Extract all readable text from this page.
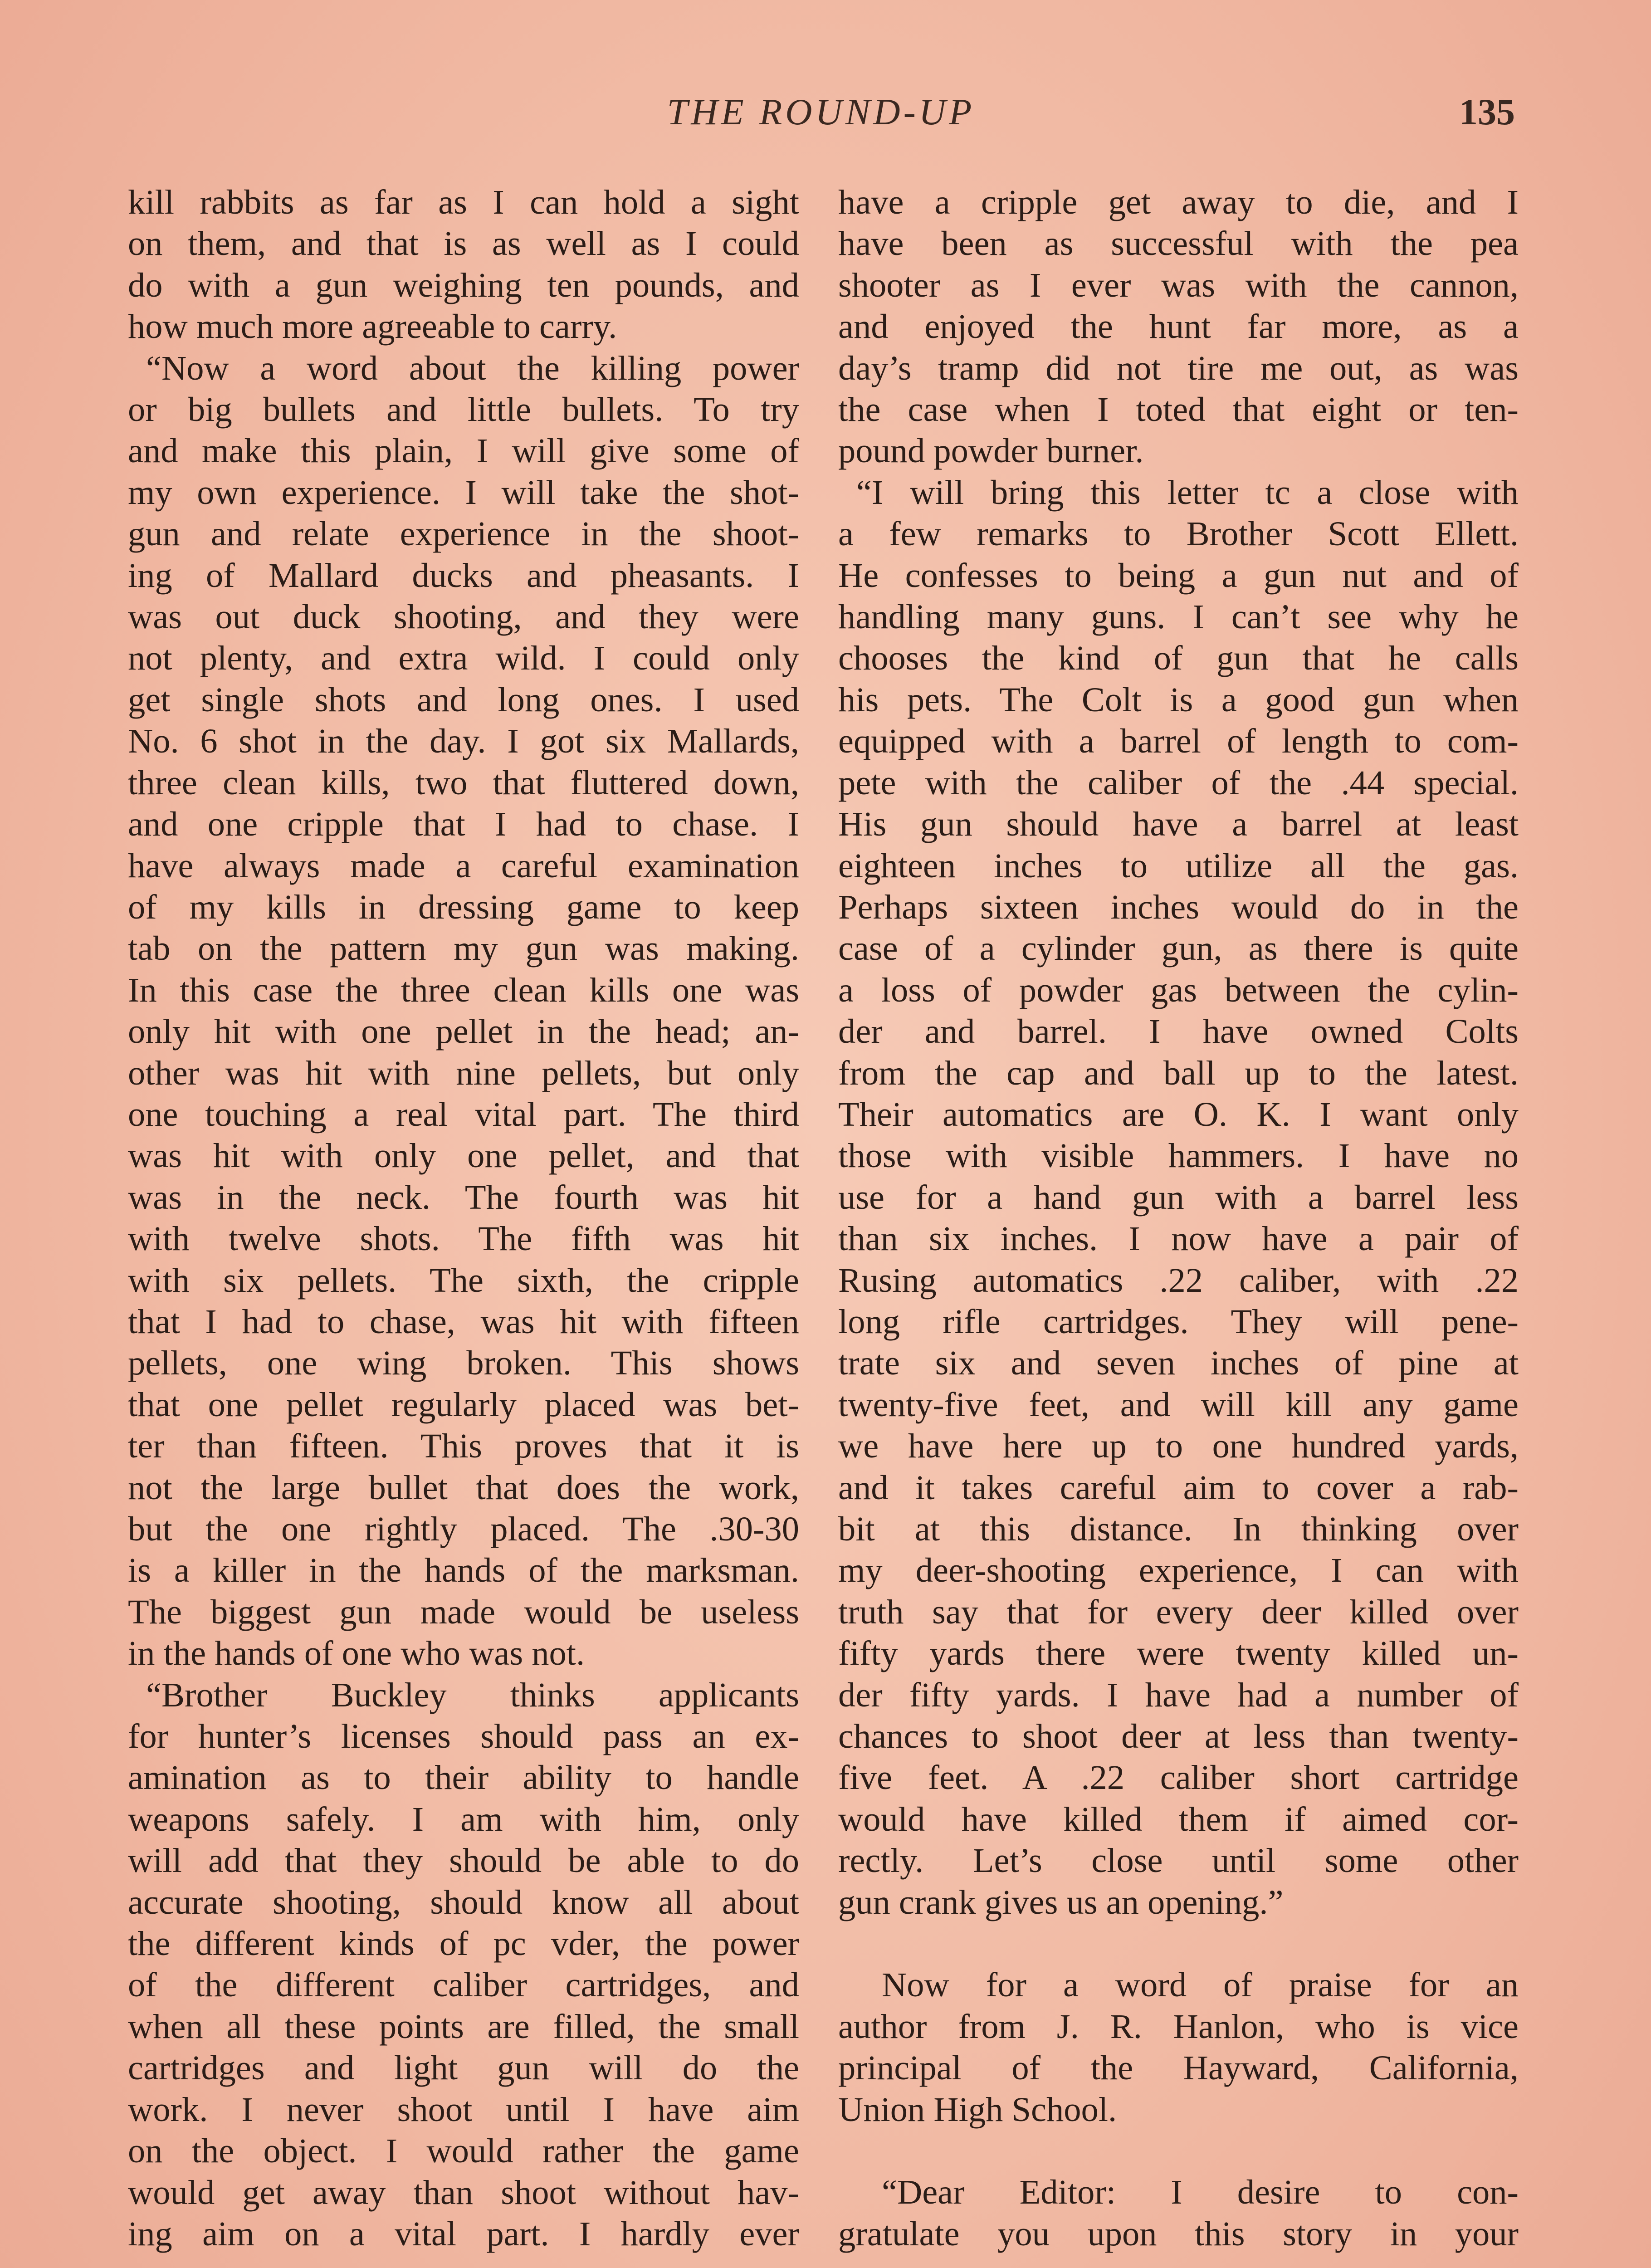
THE ROUND-UP	135
kill rabbits as far as I can hold a sight
on them, and that is as well as I could
do with a gun weighing ten pounds, and
how much more agreeable to carry.
“Now a word about the killing power
or big bullets and little bullets. To try
and make this plain, I will give some of
my own experience. I will take the shot-
gun and relate experience in the shoot-
ing of Mallard ducks and pheasants. I
was out duck shooting, and they were
not plenty, and extra wild. I could only
get single shots and long ones. I used
No. 6 shot in the day. I got six Mallards,
three clean kills, two that fluttered down,
and one cripple that I had to chase. I
have always made a careful examination
of my kills in dressing game to keep
tab on the pattern my gun was making.
In this case the three clean kills one was
only hit with one pellet in the head; an-
other was hit with nine pellets, but only
one touching a real vital part. The third
was hit with only one pellet, and that
was in the neck. The fourth was hit
with twelve shots. The fifth was hit
with six pellets. The sixth, the cripple
that I had to chase, was hit with fifteen
pellets, one wing broken. This shows
that one pellet regularly placed was bet-
ter than fifteen. This proves that it is
not the large bullet that does the work,
but the one rightly placed. The .30-30
is a killer in the hands of the marksman.
The biggest gun made would be useless
in the hands of one who was not.
“Brother Buckley thinks applicants
for hunter’s licenses should pass an ex-
amination as to their ability to handle
weapons safely. I am with him, only
will add that they should be able to do
accurate shooting, should know all about
the different kinds of pc vder, the power
of the different caliber cartridges, and
when all these points are filled, the small
cartridges and light gun will do the
work. I never shoot until I have aim
on the object. I would rather the game
would get away than shoot without hav-
ing aim on a vital part. I hardly ever
have a cripple get away to die, and I
have been as successful with the pea
shooter as I ever was with the cannon,
and enjoyed the hunt far more, as a
day’s tramp did not tire me out, as was
the case when I toted that eight or ten-
pound powder burner.
“I will bring this letter tc a close with
a few remarks to Brother Scott Ellett.
He confesses to being a gun nut and of
handling many guns. I can’t see why he
chooses the kind of gun that he calls
his pets. The Colt is a good gun when
equipped with a barrel of length to com-
pete with the caliber of the .44 special.
His gun should have a barrel at least
eighteen inches to utilize all the gas.
Perhaps sixteen inches would do in the
case of a cylinder gun, as there is quite
a loss of powder gas between the cylin-
der and barrel. I have owned Colts
from the cap and ball up to the latest.
Their automatics are O. K. I want only
those with visible hammers. I have no
use for a hand gun with a barrel less
than six inches. I now have a pair of
Rusing automatics .22 caliber, with .22
long rifle cartridges. They will pene-
trate six and seven inches of pine at
twenty-five feet, and will kill any game
we have here up to one hundred yards,
and it takes careful aim to cover a rab-
bit at this distance. In thinking over
my deer-shooting experience, I can with
truth say that for every deer killed over
fifty yards there were twenty killed un-
der fifty yards. I have had a number of
chances to shoot deer at less than twenty-
five feet. A .22 caliber short cartridge
would have killed them if aimed cor-
rectly. Let’s close until some other
gun crank gives us an opening.”
Now for a word of praise for an
author from J. R. Hanlon, who is vice
principal of the Hayward, California,
Union High School.
“Dear Editor: I desire to con-
gratulate you upon this story in your
